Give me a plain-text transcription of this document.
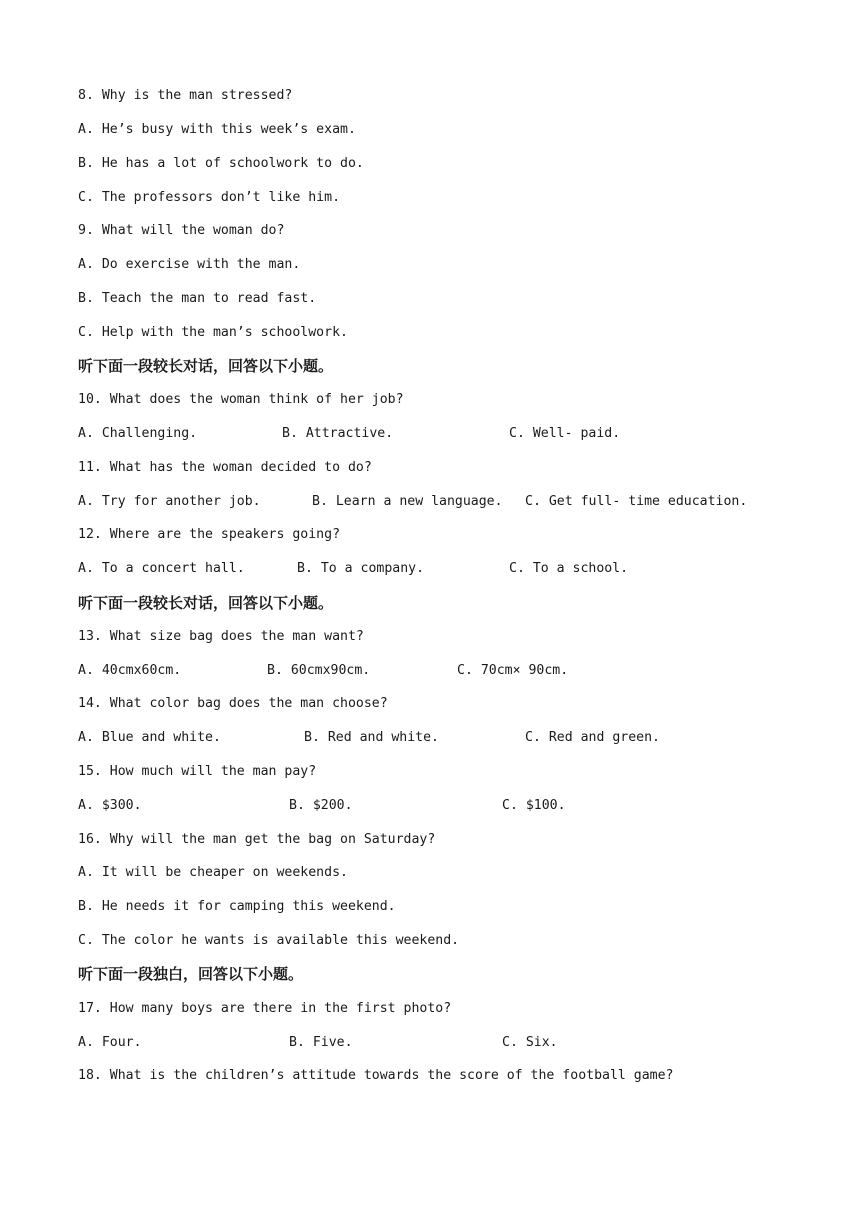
8. Why is the man stressed?
A. He’s busy with this week’s exam.
B. He has a lot of schoolwork to do.
C. The professors don’t like him.
9. What will the woman do?
A. Do exercise with the man.
B. Teach the man to read fast.
C. Help with the man’s schoolwork.
听下面一段较长对话，回答以下小题。
10. What does the woman think of her job?
A. Challenging.	B. Attractive.	C. Well- paid.
11. What has the woman decided to do?
A. Try for another job.	B. Learn a new language. C. Get full- time education.
12. Where are the speakers going?
A. To a concert hall.	B. To a company.	C. To a school.
听下面一段较长对话，回答以下小题。
13. What size bag does the man want?
A. 40cmx60cm.	B. 60cmx90cm.	C. 70cm× 90cm.
14. What color bag does the man choose?
A. Blue and white.	B. Red and white.	C. Red and green.
15. How much will the man pay?
A. $300.	B. $200.	C. $100.
16. Why will the man get the bag on Saturday?
A. It will be cheaper on weekends.
B. He needs it for camping this weekend.
C. The color he wants is available this weekend.
听下面一段独白，回答以下小题。
17. How many boys are there in the first photo?
A. Four.	B. Five.	C. Six.
18. What is the children’s attitude towards the score of the football game?
